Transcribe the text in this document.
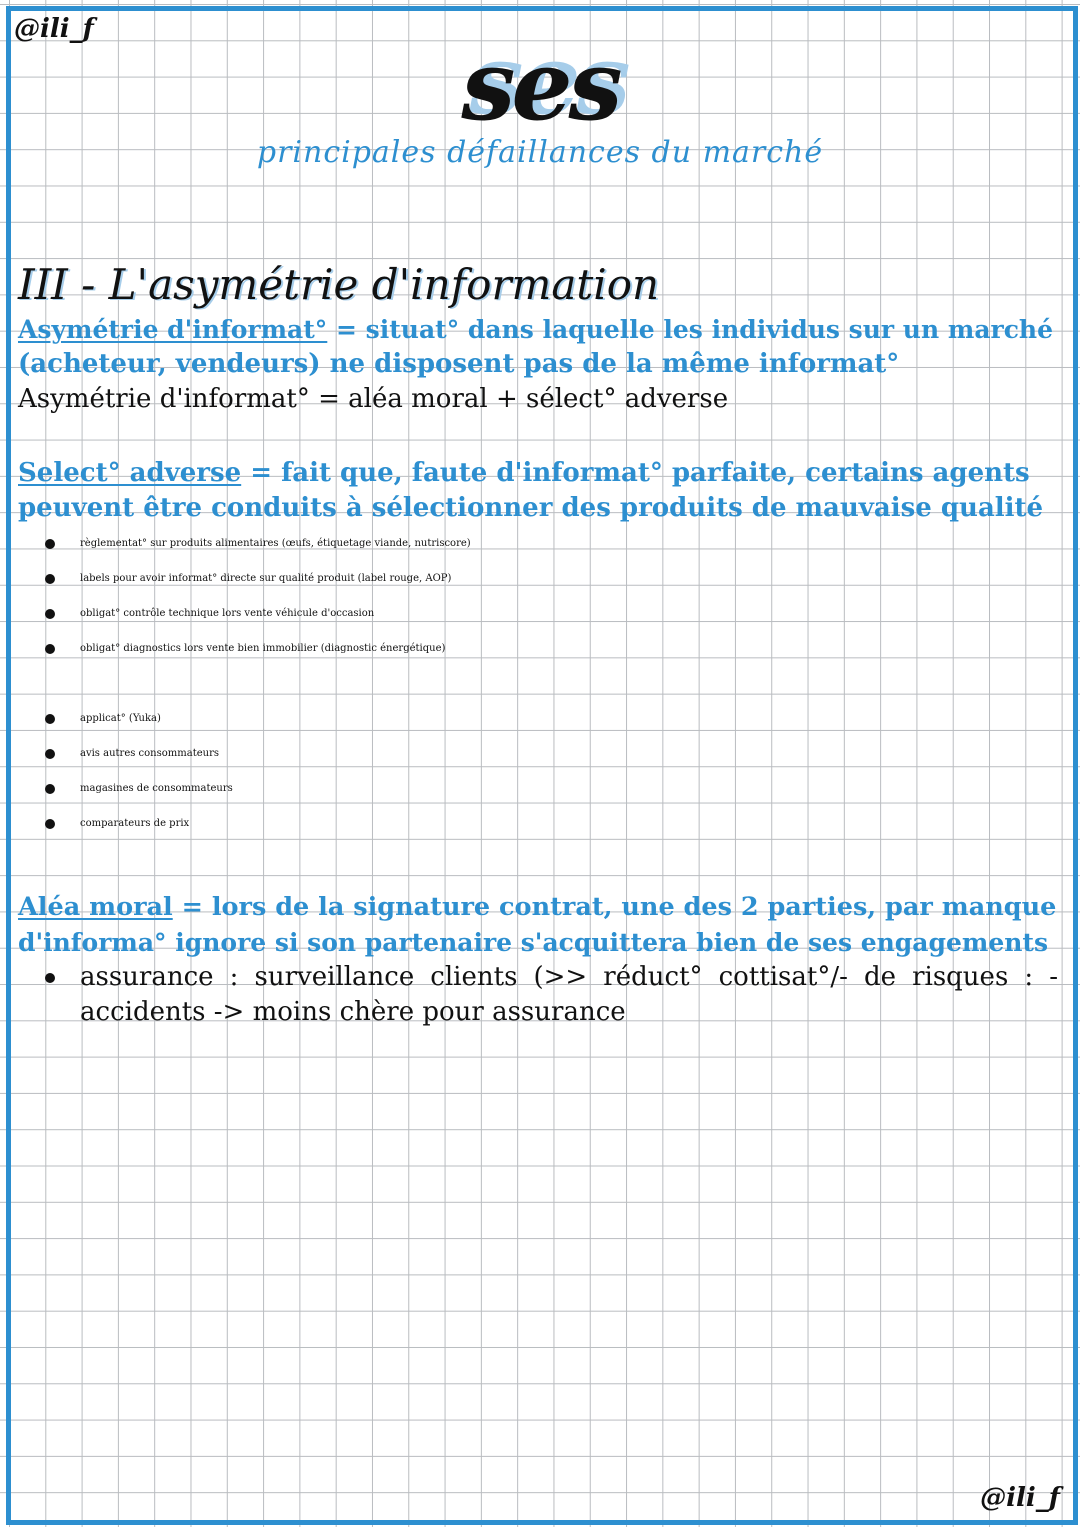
@ili_f	ses
principales défaillances du marché
III - L'asymétrie d'information
Asymétrie d'informat° = situat° dans laquelle les individus sur un marché
(acheteur, vendeurs) ne disposent pas de la même informat°
Asymétrie d'informat° = aléa moral + sélect° adverse
Select° adverse = fait que, faute d'informat° parfaite, certains agents
peuvent être conduits à sélectionner des produits de mauvaise qualité
règlementat° sur produits alimentaires (œufs, étiquetage viande, nutriscore)
labels pour avoir informat° directe sur qualité produit (label rouge, AOP)
obligat° contrôle technique lors vente véhicule d'occasion
obligat° diagnostics lors vente bien immobilier (diagnostic énergétique)
applicat° (Yuka)
avis autres consommateurs
magasines de consommateurs
comparateurs de prix
Aléa moral = lors de la signature contrat, une des 2 parties, par manque
d'informa° ignore si son partenaire s'acquittera bien de ses engagements
assurance : surveillance clients (>> réduct° cottisat°/- de risques : - accidents -> moins chère pour assurance
@ili_f
